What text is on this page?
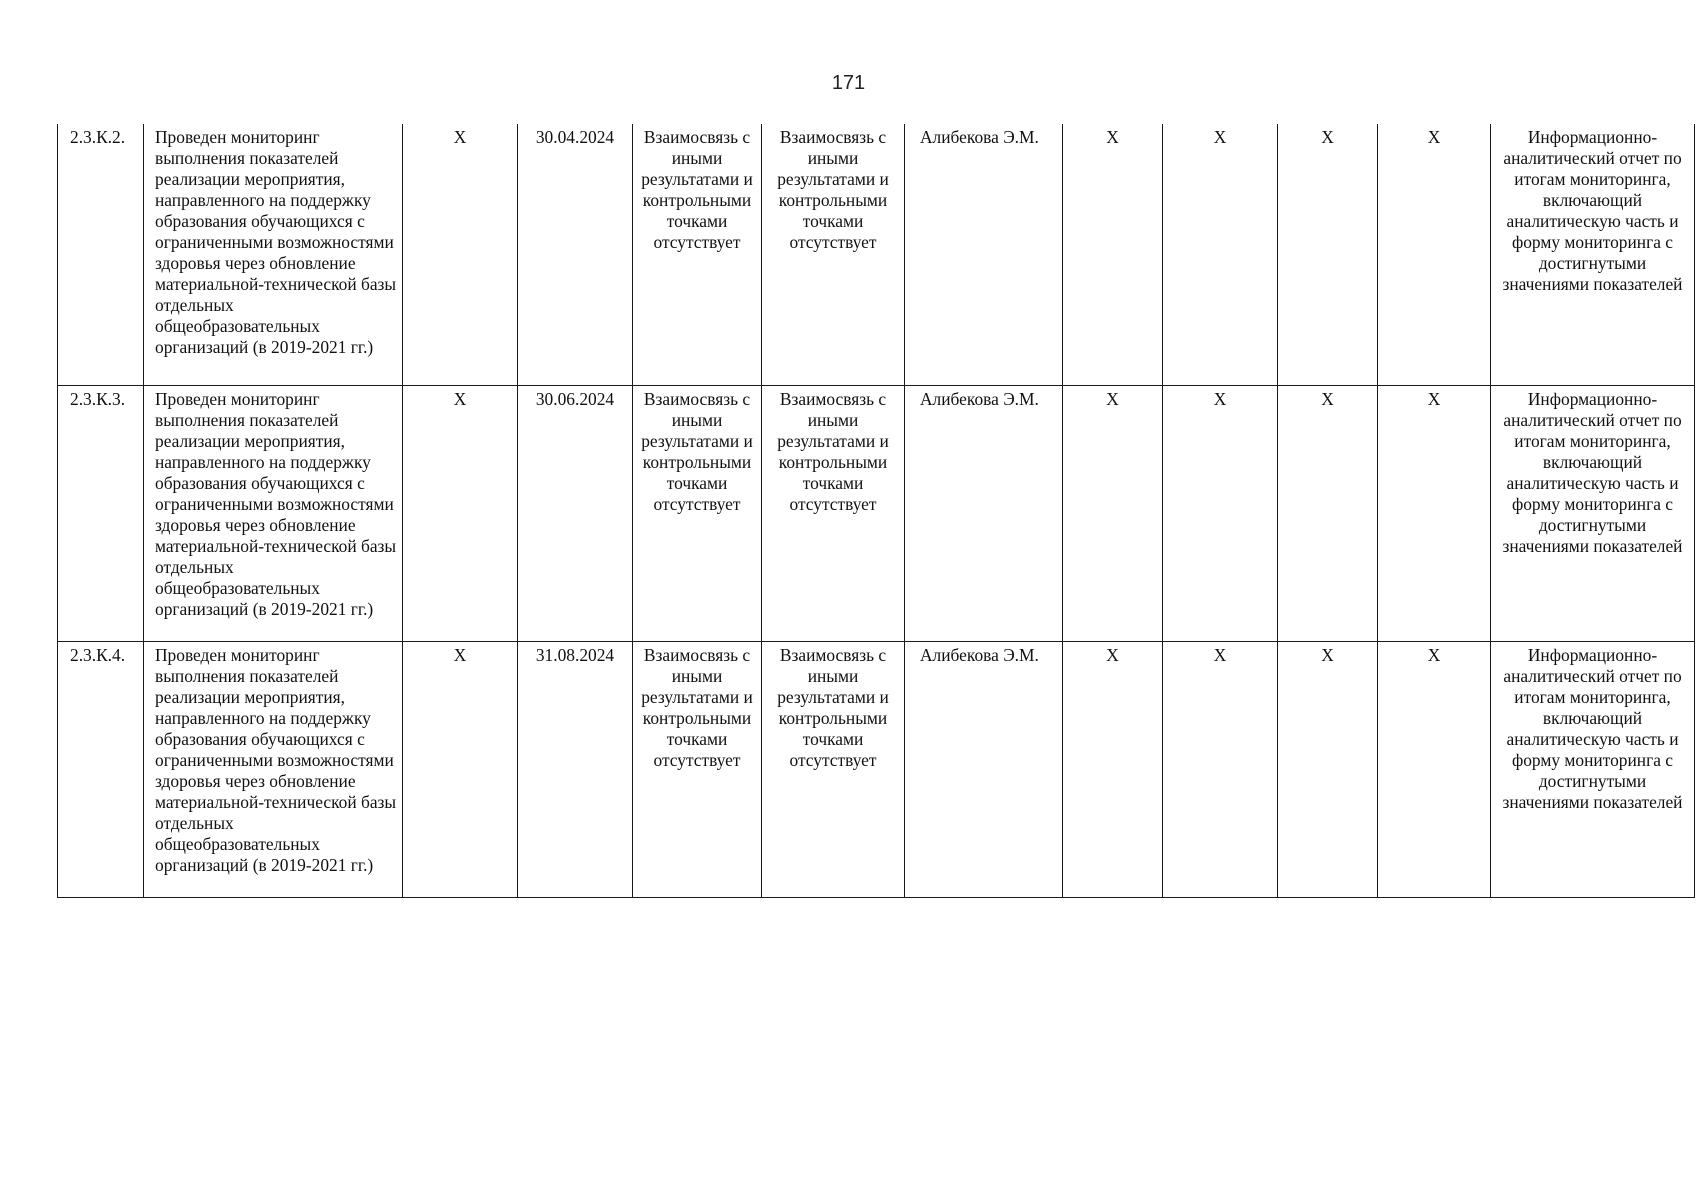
171
2.3.К.2.	Проведен мониторинг выполнения показателей реализации мероприятия, направленного на поддержку образования обучающихся с ограниченными возможностями здоровья через обновление материальной-технической базы отдельных общеобразовательных организаций (в 2019-2021 гг.)	Х	30.04.2024	Взаимосвязь с иными результатами и контрольными точками отсутствует	Взаимосвязь с иными результатами и контрольными точками отсутствует	Алибекова Э.М.	Х	Х	Х	Х	Информационно-аналитический отчет по итогам мониторинга, включающий аналитическую часть и форму мониторинга с достигнутыми значениями показателей
2.3.К.3.	Проведен мониторинг выполнения показателей реализации мероприятия, направленного на поддержку образования обучающихся с ограниченными возможностями здоровья через обновление материальной-технической базы отдельных общеобразовательных организаций (в 2019-2021 гг.)	Х	30.06.2024	Взаимосвязь с иными результатами и контрольными точками отсутствует	Взаимосвязь с иными результатами и контрольными точками отсутствует	Алибекова Э.М.	Х	Х	Х	Х	Информационно-аналитический отчет по итогам мониторинга, включающий аналитическую часть и форму мониторинга с достигнутыми значениями показателей
2.3.К.4.	Проведен мониторинг выполнения показателей реализации мероприятия, направленного на поддержку образования обучающихся с ограниченными возможностями здоровья через обновление материальной-технической базы отдельных общеобразовательных организаций (в 2019-2021 гг.)	Х	31.08.2024	Взаимосвязь с иными результатами и контрольными точками отсутствует	Взаимосвязь с иными результатами и контрольными точками отсутствует	Алибекова Э.М.	Х	Х	Х	Х	Информационно-аналитический отчет по итогам мониторинга, включающий аналитическую часть и форму мониторинга с достигнутыми значениями показателей
